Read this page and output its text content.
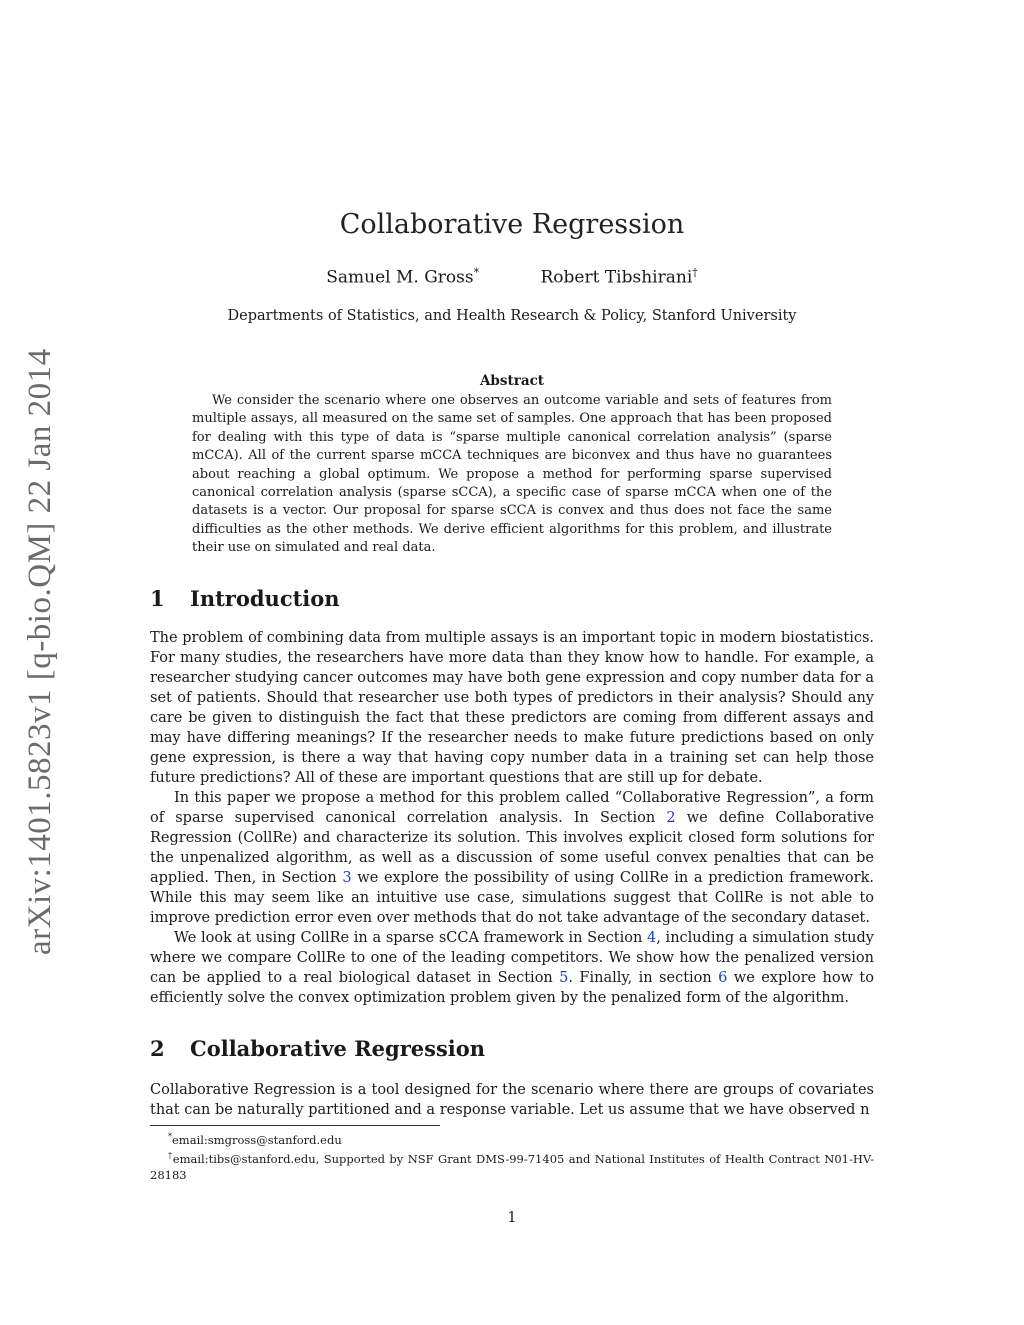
arXiv:1401.5823v1 [q-bio.QM] 22 Jan 2014
Collaborative Regression
Samuel M. Gross*	Robert Tibshirani†
Departments of Statistics, and Health Research & Policy, Stanford University
Abstract
We consider the scenario where one observes an outcome variable and sets of features from multiple assays, all measured on the same set of samples. One approach that has been proposed for dealing with this type of data is “sparse multiple canonical correlation analysis” (sparse mCCA). All of the current sparse mCCA techniques are biconvex and thus have no guarantees about reaching a global optimum. We propose a method for performing sparse supervised canonical correlation analysis (sparse sCCA), a specific case of sparse mCCA when one of the datasets is a vector. Our proposal for sparse sCCA is convex and thus does not face the same difficulties as the other methods. We derive efficient algorithms for this problem, and illustrate their use on simulated and real data.
1 Introduction

The problem of combining data from multiple assays is an important topic in modern biostatistics. For many studies, the researchers have more data than they know how to handle. For example, a researcher studying cancer outcomes may have both gene expression and copy number data for a set of patients. Should that researcher use both types of predictors in their analysis? Should any care be given to distinguish the fact that these predictors are coming from different assays and may have differing meanings? If the researcher needs to make future predictions based on only gene expression, is there a way that having copy number data in a training set can help those future predictions? All of these are important questions that are still up for debate.

In this paper we propose a method for this problem called “Collaborative Regression”, a form of sparse supervised canonical correlation analysis. In Section 2 we define Collaborative Regression (CollRe) and characterize its solution. This involves explicit closed form solutions for the unpenalized algorithm, as well as a discussion of some useful convex penalties that can be applied. Then, in Section 3 we explore the possibility of using CollRe in a prediction framework. While this may seem like an intuitive use case, simulations suggest that CollRe is not able to improve prediction error even over methods that do not take advantage of the secondary dataset.

We look at using CollRe in a sparse sCCA framework in Section 4, including a simulation study where we compare CollRe to one of the leading competitors. We show how the penalized version can be applied to a real biological dataset in Section 5. Finally, in section 6 we explore how to efficiently solve the convex optimization problem given by the penalized form of the algorithm.

2 Collaborative Regression

Collaborative Regression is a tool designed for the scenario where there are groups of covariates that can be naturally partitioned and a response variable. Let us assume that we have observed n

*email:smgross@stanford.edu

†email:tibs@stanford.edu, Supported by NSF Grant DMS-99-71405 and National Institutes of Health Contract N01-HV-28183

1
